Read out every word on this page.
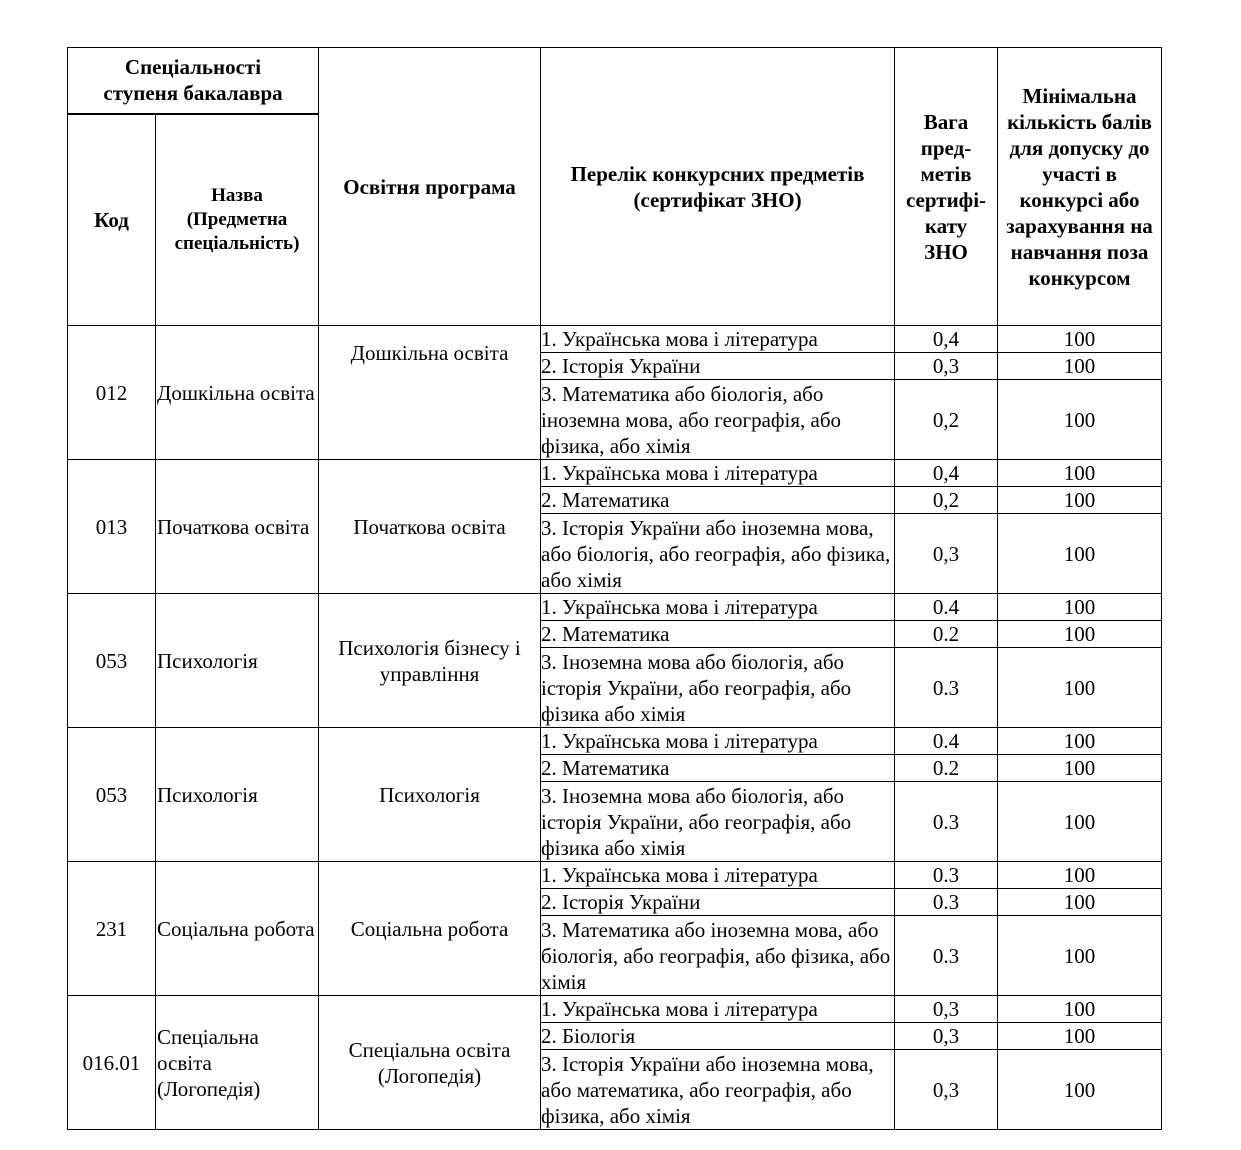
Спеціальності ступеня бакалавра		Освітня програма	Перелік конкурсних предметів (сертифікат ЗНО)	Вага пред-метів сертифі-кату ЗНО	Мінімальна кількість балів для допуску до участі в конкурсі або зарахування на навчання поза конкурсом
Код	Назва (Предметна спеціальність)				
012	Дошкільна освіта	Дошкільна освіта	1. Українська мова і література	0,4	100
			2. Історія України	0,3	100
			3. Математика або біологія, або іноземна мова, або географія, або фізика, або хімія	0,2	100
013	Початкова освіта	Початкова освіта	1. Українська мова і література	0,4	100
			2. Математика	0,2	100
			3. Історія України або іноземна мова, або біологія, або географія, або фізика, або хімія	0,3	100
053	Психологія	Психологія бізнесу і управління	1. Українська мова і література	0.4	100
			2. Математика	0.2	100
			3. Іноземна мова або біологія, або історія України, або географія, або фізика або хімія	0.3	100
053	Психологія	Психологія	1. Українська мова і література	0.4	100
			2. Математика	0.2	100
			3. Іноземна мова або біологія, або історія України, або географія, або фізика або хімія	0.3	100
231	Соціальна робота	Соціальна робота	1. Українська мова і література	0.3	100
			2. Історія України	0.3	100
			3. Математика або іноземна мова, або біологія, або географія, або фізика, або хімія	0.3	100
016.01	Спеціальна освіта (Логопедія)	Спеціальна освіта (Логопедія)	1. Українська мова і література	0,3	100
			2. Біологія	0,3	100
			3. Історія України або іноземна мова, або математика, або географія, або фізика, або хімія	0,3	100
